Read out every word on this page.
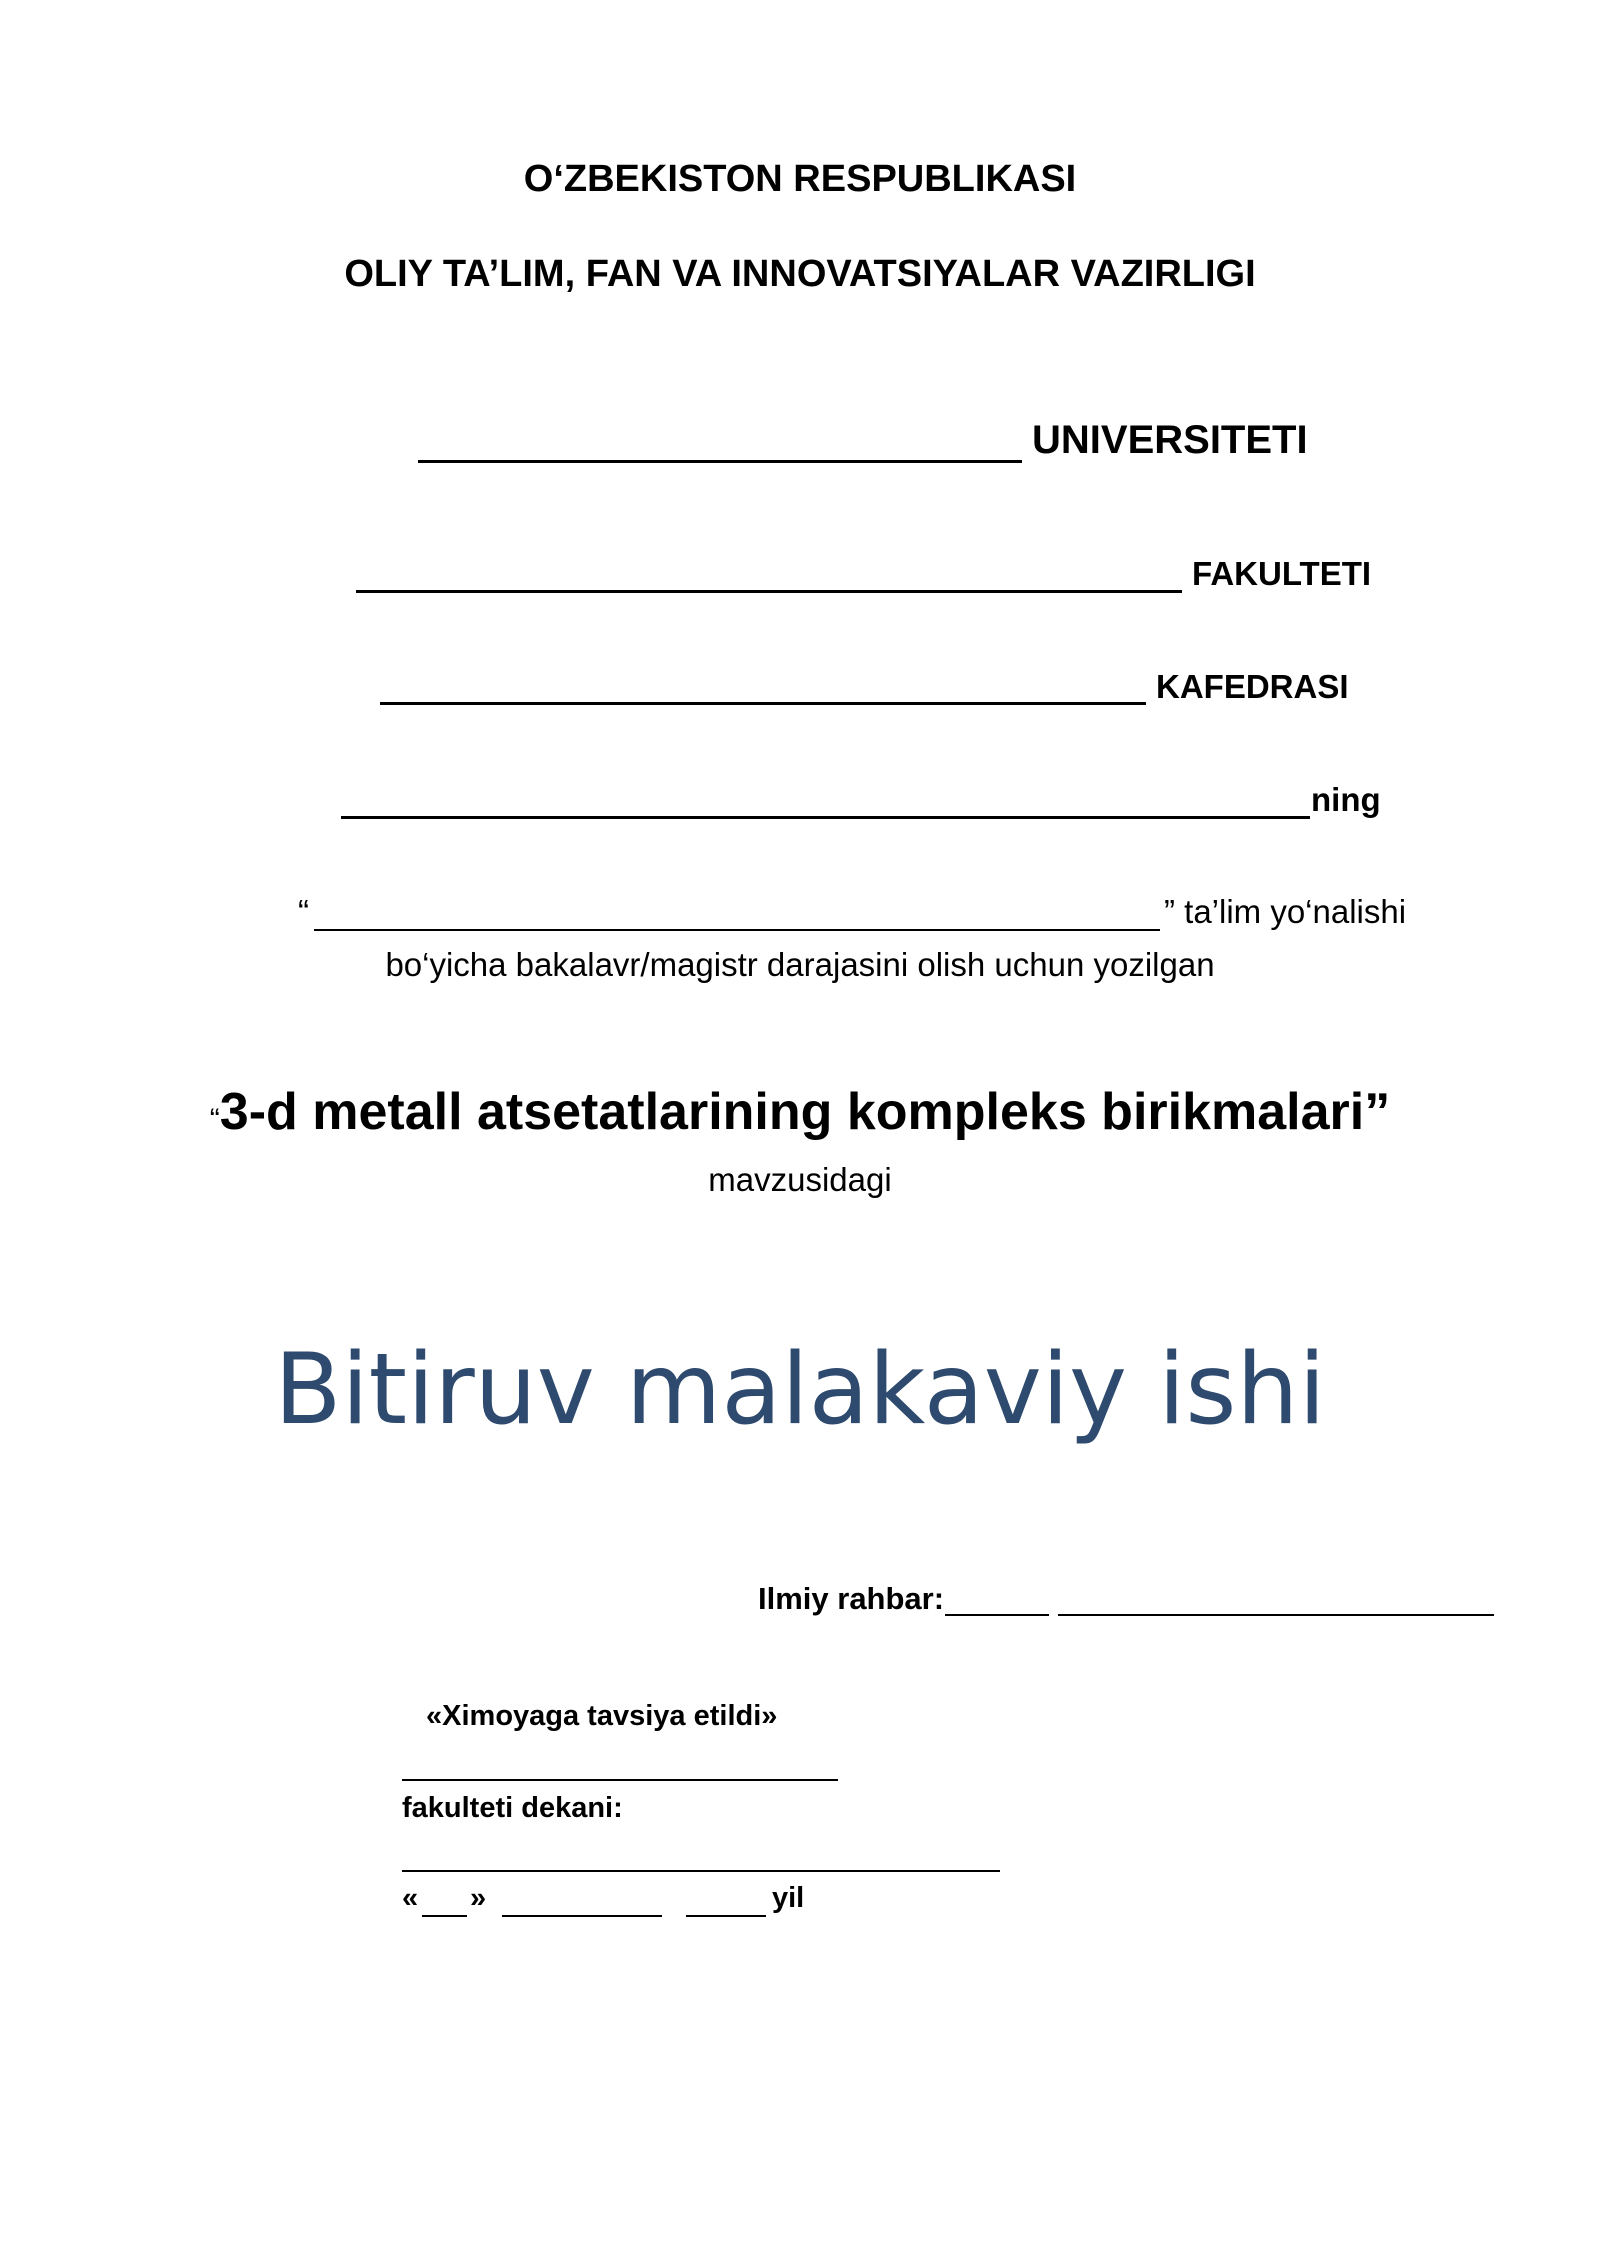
O‘ZBEKISTON RESPUBLIKASI
OLIY TA’LIM, FAN VA INNOVATSIYALAR VAZIRLIGI
UNIVERSITETI
FAKULTETI
KAFEDRASI
ning
“	” ta’lim yo‘nalishi
bo‘yicha bakalavr/magistr darajasini olish uchun yozilgan
“3-d metall atsetatlarining kompleks birikmalari”
mavzusidagi
Bitiruv malakaviy ishi
Ilmiy rahbar:
«Ximoyaga tavsiya etildi»
fakulteti dekani:
« »	yil
